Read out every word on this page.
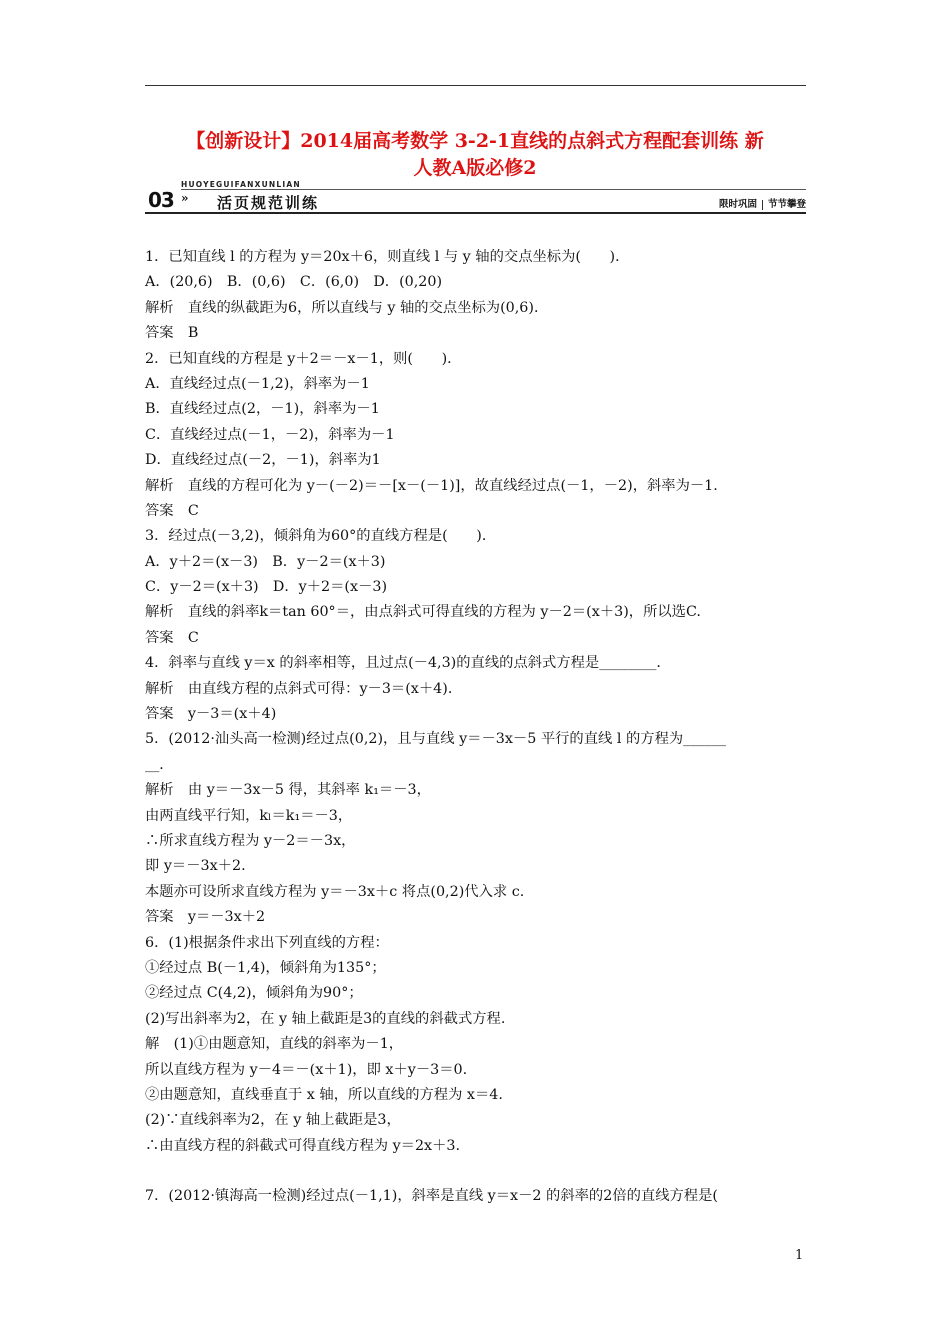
【创新设计】2014届高考数学 3-2-1直线的点斜式方程配套训练 新
人教A版必修2
03
HUOYEGUIFANXUNLIAN
» 活页规范训练	限时巩固 节节攀登
1．已知直线 l 的方程为 y＝20x＋6，则直线 l 与 y 轴的交点坐标为(　　)．
A．(20,6)　B．(0,6)　C．(6,0)　D．(0,20)
解析　直线的纵截距为6，所以直线与 y 轴的交点坐标为(0,6)．
答案　B
2．已知直线的方程是 y＋2＝－x－1，则(　　)．
A．直线经过点(－1,2)，斜率为－1
B．直线经过点(2，－1)，斜率为－1
C．直线经过点(－1，－2)，斜率为－1
D．直线经过点(－2，－1)，斜率为1
解析　直线的方程可化为 y－(－2)＝－[x－(－1)]，故直线经过点(－1，－2)，斜率为－1.
答案　C
3．经过点(－3,2)，倾斜角为60°的直线方程是(　　)．
A．y＋2＝(x－3)　B．y－2＝(x＋3)
C．y－2＝(x＋3)　D．y＋2＝(x－3)
解析　直线的斜率k＝tan 60°＝，由点斜式可得直线的方程为 y－2＝(x＋3)，所以选C.
答案　C
4．斜率与直线 y＝x 的斜率相等，且过点(－4,3)的直线的点斜式方程是________．
解析　由直线方程的点斜式可得：y－3＝(x＋4)．
答案　y－3＝(x＋4)
5．(2012·汕头高一检测)经过点(0,2)，且与直线 y＝－3x－5 平行的直线 l 的方程为______
__．
解析　由 y＝－3x－5 得，其斜率 k₁＝－3，
由两直线平行知，kₗ＝k₁＝－3，
∴所求直线方程为 y－2＝－3x，
即 y＝－3x＋2.
本题亦可设所求直线方程为 y＝－3x＋c 将点(0,2)代入求 c.
答案　y＝－3x＋2
6．(1)根据条件求出下列直线的方程：
①经过点 B(－1,4)，倾斜角为135°；
②经过点 C(4,2)，倾斜角为90°；
(2)写出斜率为2，在 y 轴上截距是3的直线的斜截式方程.
解　(1)①由题意知，直线的斜率为－1，
所以直线方程为 y－4＝－(x＋1)，即 x＋y－3＝0.
②由题意知，直线垂直于 x 轴，所以直线的方程为 x＝4.
(2)∵直线斜率为2，在 y 轴上截距是3，
∴由直线方程的斜截式可得直线方程为 y＝2x＋3.
7．(2012·镇海高一检测)经过点(－1,1)，斜率是直线 y＝x－2 的斜率的2倍的直线方程是(
1
